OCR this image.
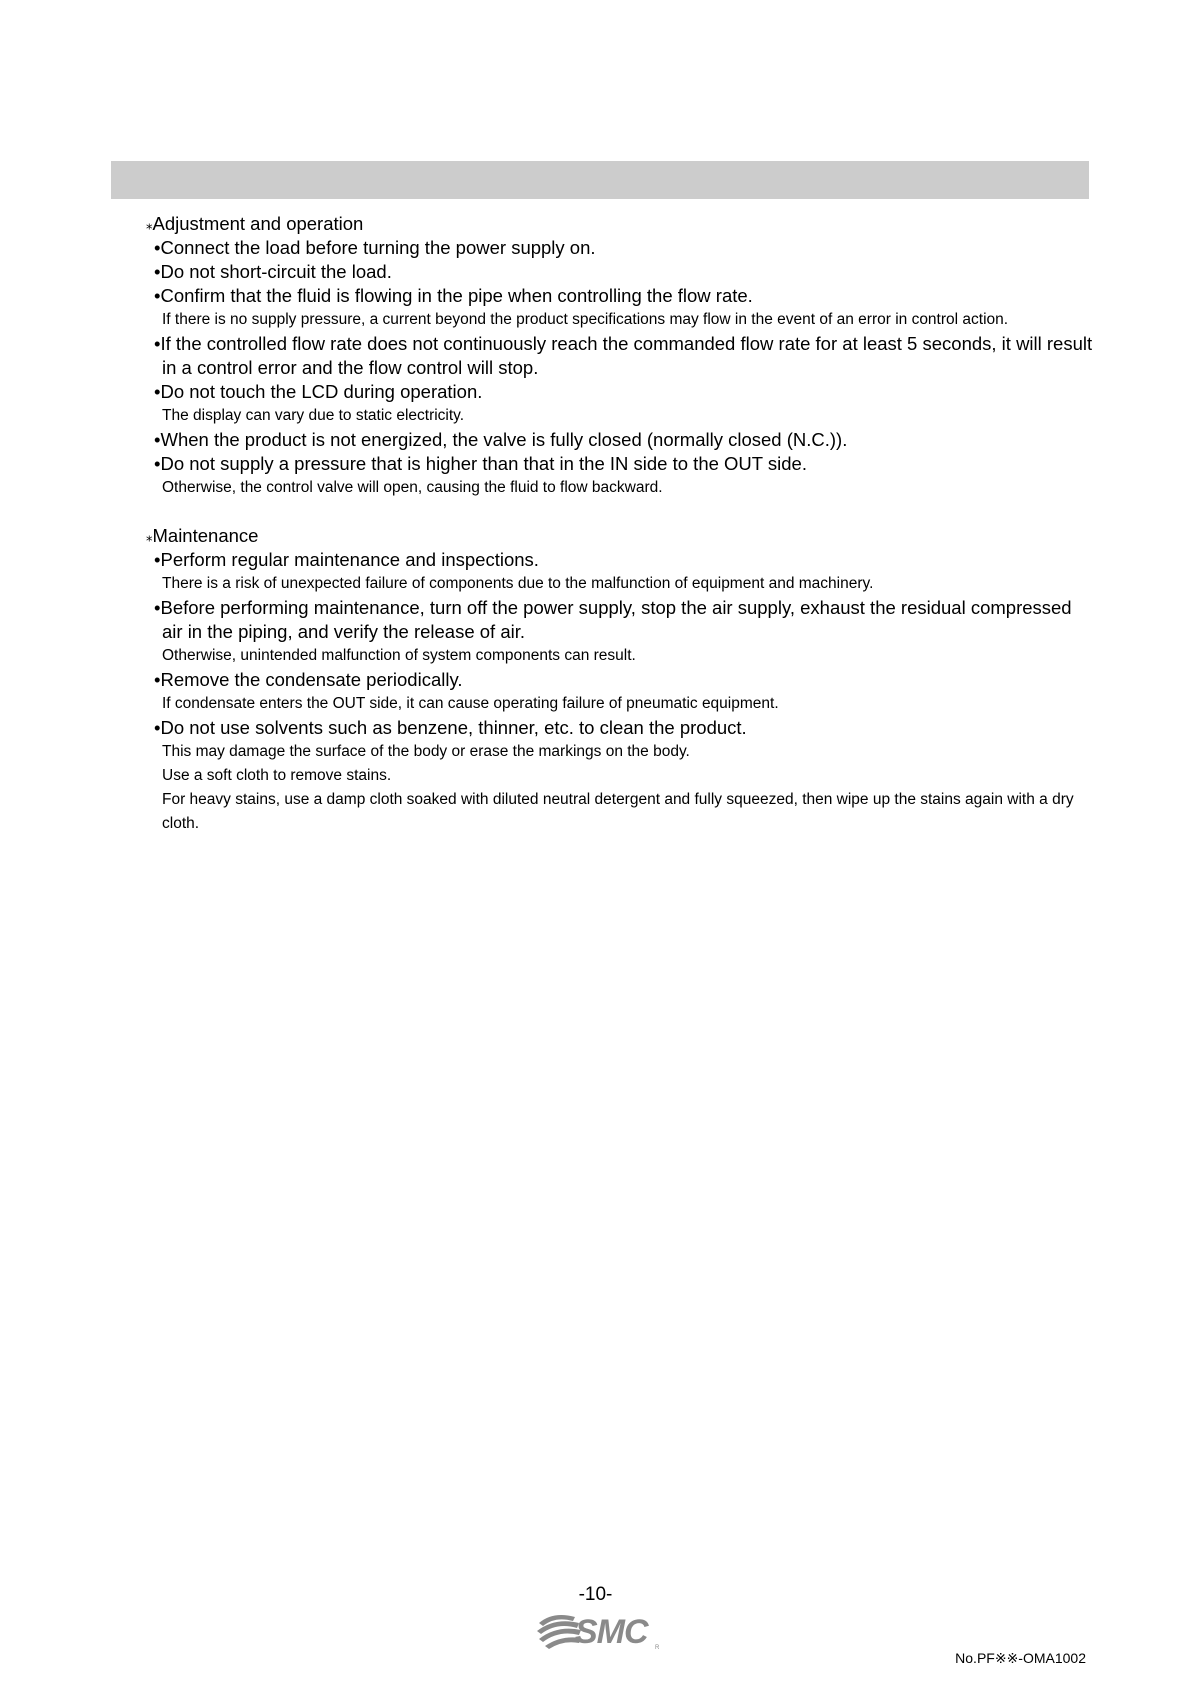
⁎Adjustment and operation
•Connect the load before turning the power supply on.
•Do not short-circuit the load.
•Confirm that the fluid is flowing in the pipe when controlling the flow rate.
If there is no supply pressure, a current beyond the product specifications may flow in the event of an error in control action.
•If the controlled flow rate does not continuously reach the commanded flow rate for at least 5 seconds, it will result in a control error and the flow control will stop.
•Do not touch the LCD during operation.
The display can vary due to static electricity.
•When the product is not energized, the valve is fully closed (normally closed (N.C.)).
•Do not supply a pressure that is higher than that in the IN side to the OUT side.
Otherwise, the control valve will open, causing the fluid to flow backward.
⁎Maintenance
•Perform regular maintenance and inspections.
There is a risk of unexpected failure of components due to the malfunction of equipment and machinery.
•Before performing maintenance, turn off the power supply, stop the air supply, exhaust the residual compressed air in the piping, and verify the release of air.
Otherwise, unintended malfunction of system components can result.
•Remove the condensate periodically.
If condensate enters the OUT side, it can cause operating failure of pneumatic equipment.
•Do not use solvents such as benzene, thinner, etc. to clean the product.
This may damage the surface of the body or erase the markings on the body.
Use a soft cloth to remove stains.
For heavy stains, use a damp cloth soaked with diluted neutral detergent and fully squeezed, then wipe up the stains again with a dry cloth.
-10-
SMC R
No.PF※※-OMA1002
